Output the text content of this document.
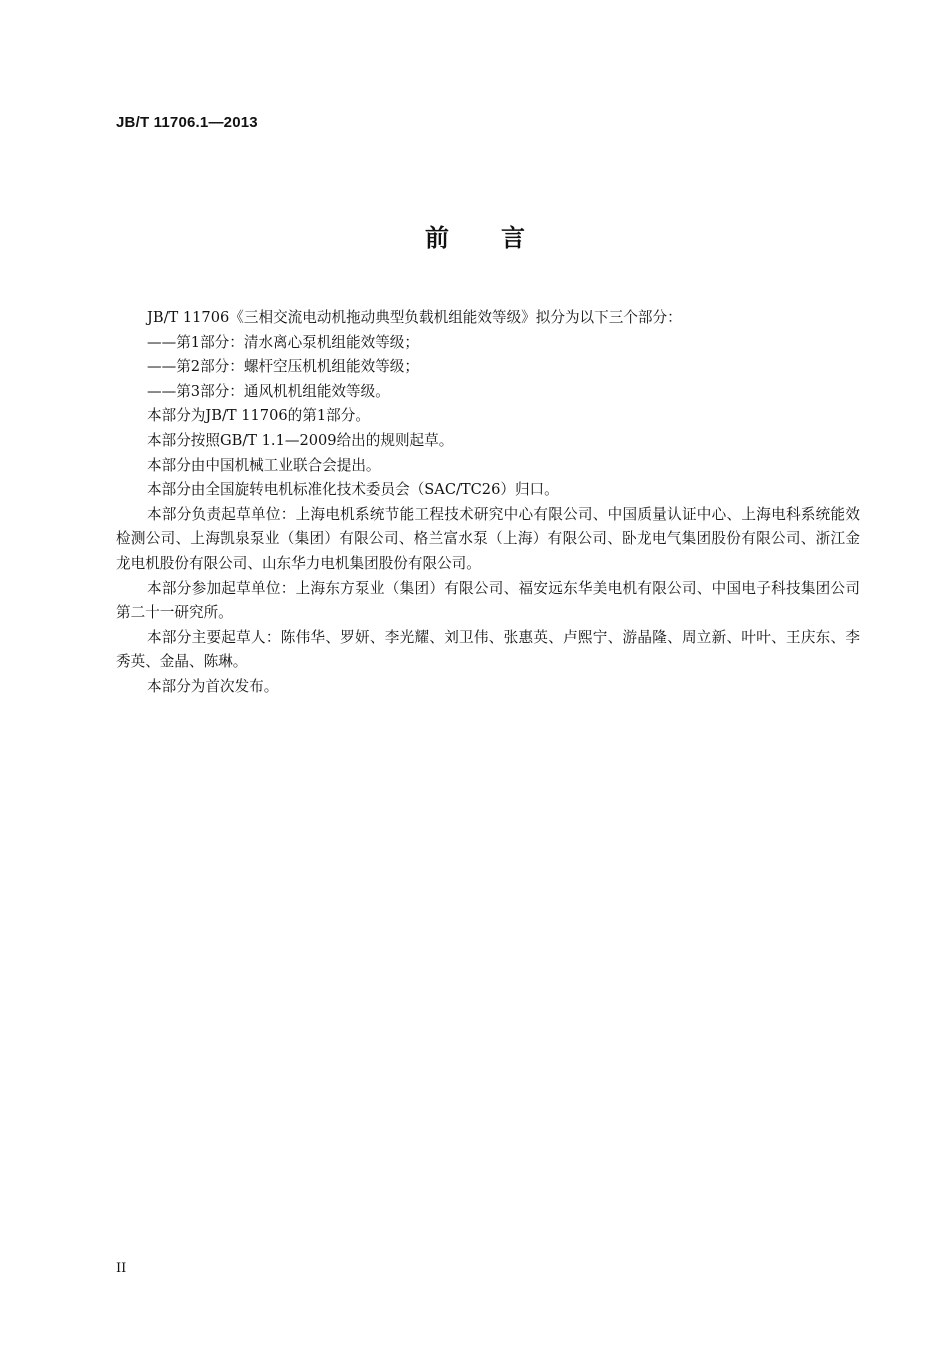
JB/T 11706.1—2013
前 言

JB/T 11706《三相交流电动机拖动典型负载机组能效等级》拟分为以下三个部分：

——第1部分：清水离心泵机组能效等级；

——第2部分：螺杆空压机机组能效等级；

——第3部分：通风机机组能效等级。

本部分为JB/T 11706的第1部分。

本部分按照GB/T 1.1—2009给出的规则起草。

本部分由中国机械工业联合会提出。

本部分由全国旋转电机标准化技术委员会（SAC/TC26）归口。

本部分负责起草单位：上海电机系统节能工程技术研究中心有限公司、中国质量认证中心、上海电科系统能效检测公司、上海凯泉泵业（集团）有限公司、格兰富水泵（上海）有限公司、卧龙电气集团股份有限公司、浙江金龙电机股份有限公司、山东华力电机集团股份有限公司。

本部分参加起草单位：上海东方泵业（集团）有限公司、福安远东华美电机有限公司、中国电子科技集团公司第二十一研究所。

本部分主要起草人：陈伟华、罗妍、李光耀、刘卫伟、张惠英、卢熙宁、游晶隆、周立新、叶叶、王庆东、李秀英、金晶、陈琳。

本部分为首次发布。

II
